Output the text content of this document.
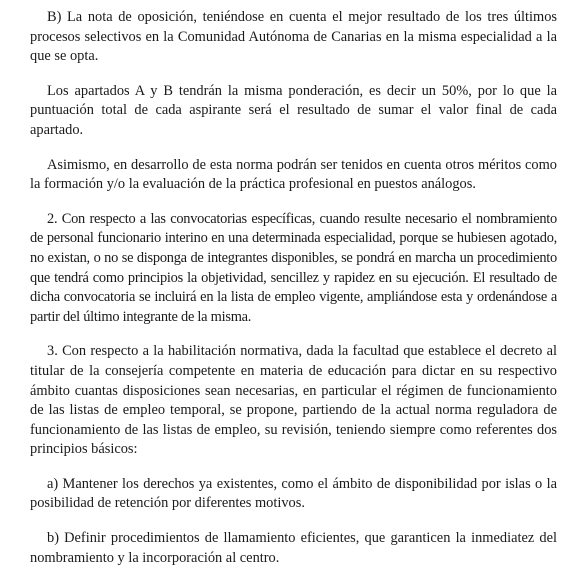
B) La nota de oposición, teniéndose en cuenta el mejor resultado de los tres últimos procesos selectivos en la Comunidad Autónoma de Canarias en la misma especialidad a la que se opta.

Los apartados A y B tendrán la misma ponderación, es decir un 50%, por lo que la puntuación total de cada aspirante será el resultado de sumar el valor final de cada apartado.

Asimismo, en desarrollo de esta norma podrán ser tenidos en cuenta otros méritos como la formación y/o la evaluación de la práctica profesional en puestos análogos.

2. Con respecto a las convocatorias específicas, cuando resulte necesario el nombramiento de personal funcionario interino en una determinada especialidad, porque se hubiesen agotado, no existan, o no se disponga de integrantes disponibles, se pondrá en marcha un procedimiento que tendrá como principios la objetividad, sencillez y rapidez en su ejecución. El resultado de dicha convocatoria se incluirá en la lista de empleo vigente, ampliándose esta y ordenándose a partir del último integrante de la misma.

3. Con respecto a la habilitación normativa, dada la facultad que establece el decreto al titular de la consejería competente en materia de educación para dictar en su respectivo ámbito cuantas disposiciones sean necesarias, en particular el régimen de funcionamiento de las listas de empleo temporal, se propone, partiendo de la actual norma reguladora de funcionamiento de las listas de empleo, su revisión, teniendo siempre como referentes dos principios básicos:

a) Mantener los derechos ya existentes, como el ámbito de disponibilidad por islas o la posibilidad de retención por diferentes motivos.

b) Definir procedimientos de llamamiento eficientes, que garanticen la inmediatez del nombramiento y la incorporación al centro.
